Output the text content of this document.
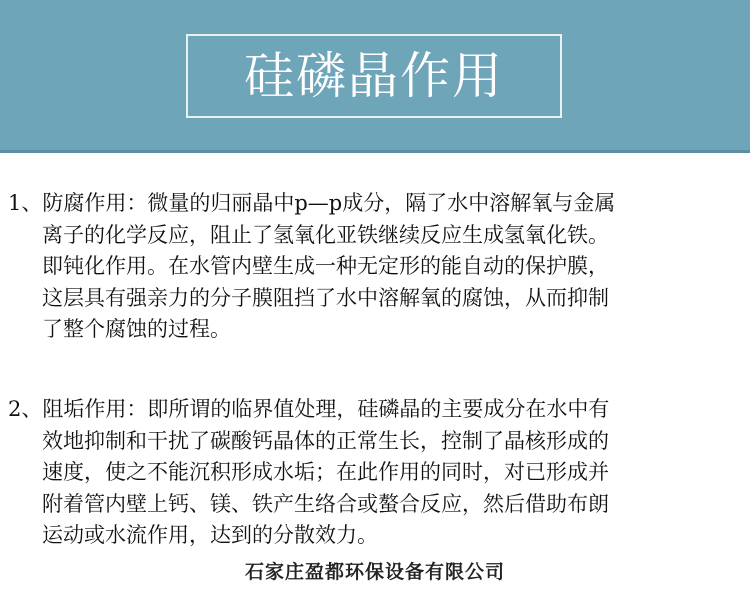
硅磷晶作用

1、防腐作用：微量的归丽晶中p—p成分，隔了水中溶解氧与金属
离子的化学反应，阻止了氢氧化亚铁继续反应生成氢氧化铁。
即钝化作用。在水管内壁生成一种无定形的能自动的保护膜，
这层具有强亲力的分子膜阻挡了水中溶解氧的腐蚀，从而抑制
了整个腐蚀的过程。

2、阻垢作用：即所谓的临界值处理，硅磷晶的主要成分在水中有
效地抑制和干扰了碳酸钙晶体的正常生长，控制了晶核形成的
速度，使之不能沉积形成水垢；在此作用的同时，对已形成并
附着管内壁上钙、镁、铁产生络合或螯合反应，然后借助布朗
运动或水流作用，达到的分散效力。

石家庄盈都环保设备有限公司
